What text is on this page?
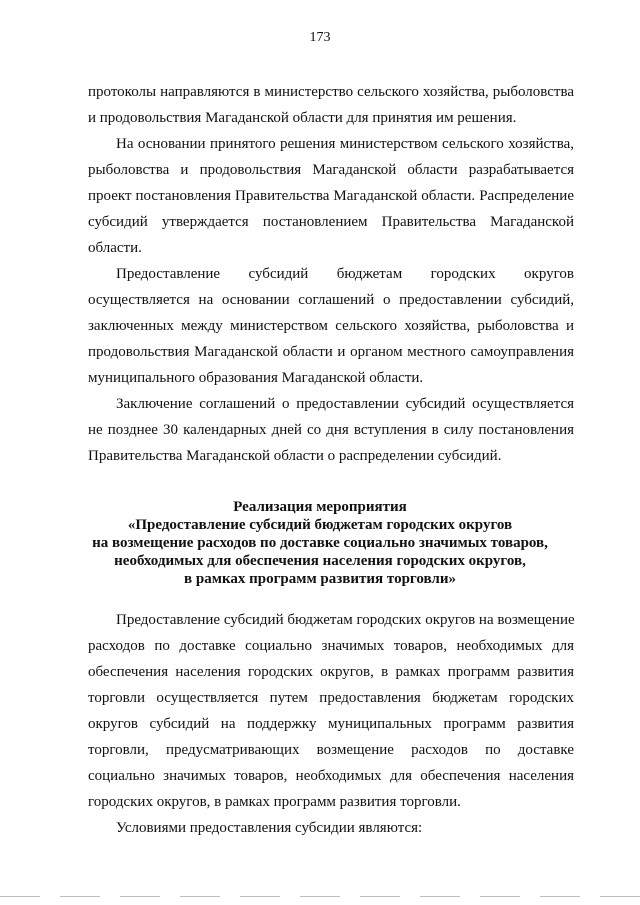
173
протоколы направляются в министерство сельского хозяйства, рыболовства
и продовольствия Магаданской области для принятия им решения.
На основании принятого решения министерством сельского хозяйства,
рыболовства и продовольствия Магаданской области разрабатывается
проект постановления Правительства Магаданской области. Распределение
субсидий утверждается постановлением Правительства Магаданской
области.
Предоставление субсидий бюджетам городских округов
осуществляется на основании соглашений о предоставлении субсидий,
заключенных между министерством сельского хозяйства, рыболовства и
продовольствия Магаданской области и органом местного самоуправления
муниципального образования Магаданской области.
Заключение соглашений о предоставлении субсидий осуществляется
не позднее 30 календарных дней со дня вступления в силу постановления
Правительства Магаданской области о распределении субсидий.
Реализация мероприятия
«Предоставление субсидий бюджетам городских округов
на возмещение расходов по доставке социально значимых товаров,
необходимых для обеспечения населения городских округов,
в рамках программ развития торговли»
Предоставление субсидий бюджетам городских округов на возмещение
расходов по доставке социально значимых товаров, необходимых для
обеспечения населения городских округов, в рамках программ развития
торговли осуществляется путем предоставления бюджетам городских
округов субсидий на поддержку муниципальных программ развития
торговли, предусматривающих возмещение расходов по доставке
социально значимых товаров, необходимых для обеспечения населения
городских округов, в рамках программ развития торговли.
Условиями предоставления субсидии являются:
